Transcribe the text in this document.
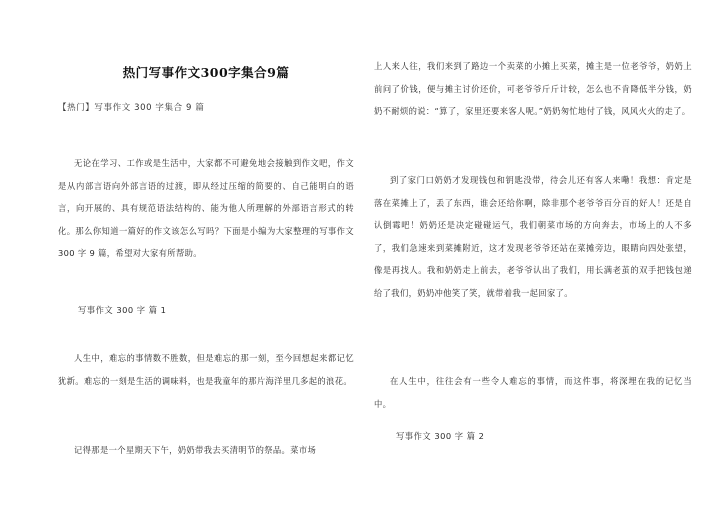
热门写事作文300字集合9篇
【热门】写事作文 300 字集合 9 篇

无论在学习、工作或是生活中，大家都不可避免地会接触到作文吧，作文是从内部言语向外部言语的过渡，即从经过压缩的简要的、自己能明白的语言，向开展的、具有规范语法结构的、能为他人所理解的外部语言形式的转化。那么你知道一篇好的作文该怎么写吗？下面是小编为大家整理的写事作文 300 字 9 篇，希望对大家有所帮助。

写事作文 300 字 篇 1

人生中，难忘的事情数不胜数，但是难忘的那一刻，至今回想起来都记忆犹新。难忘的一刻是生活的调味料，也是我童年的那片海洋里几多起的浪花。

记得那是一个星期天下午，奶奶带我去买清明节的祭品。菜市场

上人来人往，我们来到了路边一个卖菜的小摊上买菜，摊主是一位老爷爷，奶奶上前问了价钱，便与摊主讨价还价，可老爷爷斤斤计较，怎么也不肯降低半分钱，奶奶不耐烦的说：“算了，家里还要来客人呢。”奶奶匆忙地付了钱，风风火火的走了。

到了家门口奶奶才发现钱包和钥匙没带，待会儿还有客人来嘞！我想：肯定是落在菜摊上了，丢了东西，谁会还给你啊，除非那个老爷爷百分百的好人！还是自认倒霉吧！奶奶还是决定碰碰运气，我们朝菜市场的方向奔去，市场上的人不多了，我们急速来到菜摊附近，这才发现老爷爷还站在菜摊旁边，眼睛向四处张望，像是再找人。我和奶奶走上前去，老爷爷认出了我们，用长满老茧的双手把钱包递给了我们，奶奶冲他笑了笑，就带着我一起回家了。

在人生中，往往会有一些令人难忘的事情，而这件事，将深埋在我的记忆当中。

写事作文 300 字 篇 2
